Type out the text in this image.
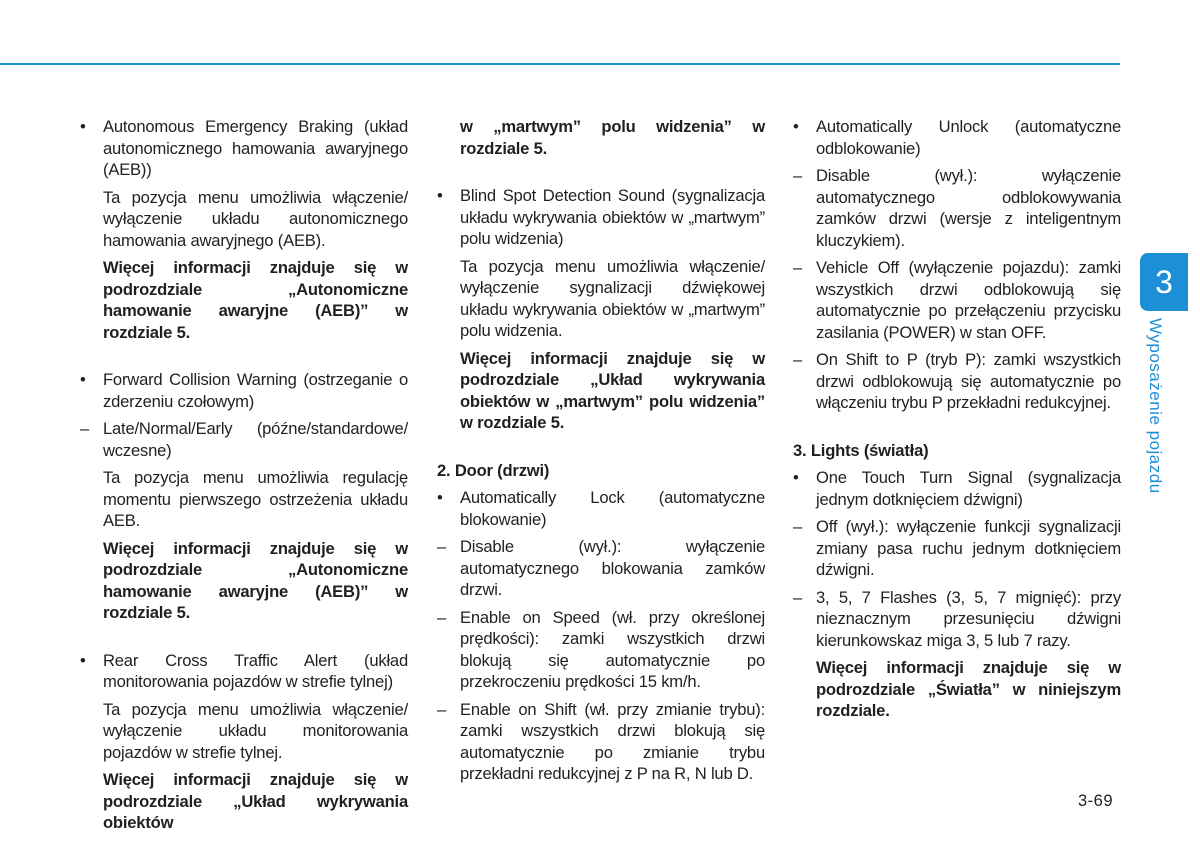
•	Autonomous Emergency Braking (układ autonomicznego hamowania awaryjnego (AEB))
Ta pozycja menu umożliwia włączenie/ wyłączenie układu autonomicznego hamowania awaryjnego (AEB).
Więcej informacji znajduje się w podrozdziale „Autonomiczne hamowanie awaryjne (AEB)” w rozdziale 5.
•	Forward Collision Warning (ostrzeganie o zderzeniu czołowym)
– Late/Normal/Early (późne/standardowe/ wczesne)
Ta pozycja menu umożliwia regulację momentu pierwszego ostrzeżenia układu AEB.
Więcej informacji znajduje się w podrozdziale „Autonomiczne hamowanie awaryjne (AEB)” w rozdziale 5.
•	Rear Cross Traffic Alert (układ monitorowania pojazdów w strefie tylnej)
Ta pozycja menu umożliwia włączenie/ wyłączenie układu monitorowania pojazdów w strefie tylnej.
Więcej informacji znajduje się w podrozdziale „Układ wykrywania obiektów
w „martwym” polu widzenia” w rozdziale 5.
•	Blind Spot Detection Sound (sygnalizacja układu wykrywania obiektów w „martwym” polu widzenia)
Ta pozycja menu umożliwia włączenie/ wyłączenie sygnalizacji dźwiękowej układu wykrywania obiektów w „martwym” polu widzenia.
Więcej informacji znajduje się w podrozdziale „Układ wykrywania obiektów w „martwym” polu widzenia” w rozdziale 5.
2. Door (drzwi)
•	Automatically Lock (automatyczne blokowanie)
– Disable (wył.): wyłączenie automatycznego blokowania zamków drzwi.
– Enable on Speed (wł. przy określonej prędkości): zamki wszystkich drzwi blokują się automatycznie po przekroczeniu prędkości 15 km/h.
– Enable on Shift (wł. przy zmianie trybu): zamki wszystkich drzwi blokują się automatycznie po zmianie trybu przekładni redukcyjnej z P na R, N lub D.
•	Automatically Unlock (automatyczne odblokowanie)
– Disable (wył.): wyłączenie automatycznego odblokowywania zamków drzwi (wersje z inteligentnym kluczykiem).
– Vehicle Off (wyłączenie pojazdu): zamki wszystkich drzwi odblokowują się automatycznie po przełączeniu przycisku zasilania (POWER) w stan OFF.
– On Shift to P (tryb P): zamki wszystkich drzwi odblokowują się automatycznie po włączeniu trybu P przekładni redukcyjnej.
3. Lights (światła)
•	One Touch Turn Signal (sygnalizacja jednym dotknięciem dźwigni)
– Off (wył.): wyłączenie funkcji sygnalizacji zmiany pasa ruchu jednym dotknięciem dźwigni.
– 3, 5, 7 Flashes (3, 5, 7 mignięć): przy nieznacznym przesunięciu dźwigni kierunkowskaz miga 3, 5 lub 7 razy.
Więcej informacji znajduje się w podrozdziale „Światła” w niniejszym rozdziale.
3
Wyposażenie pojazdu
3-69
